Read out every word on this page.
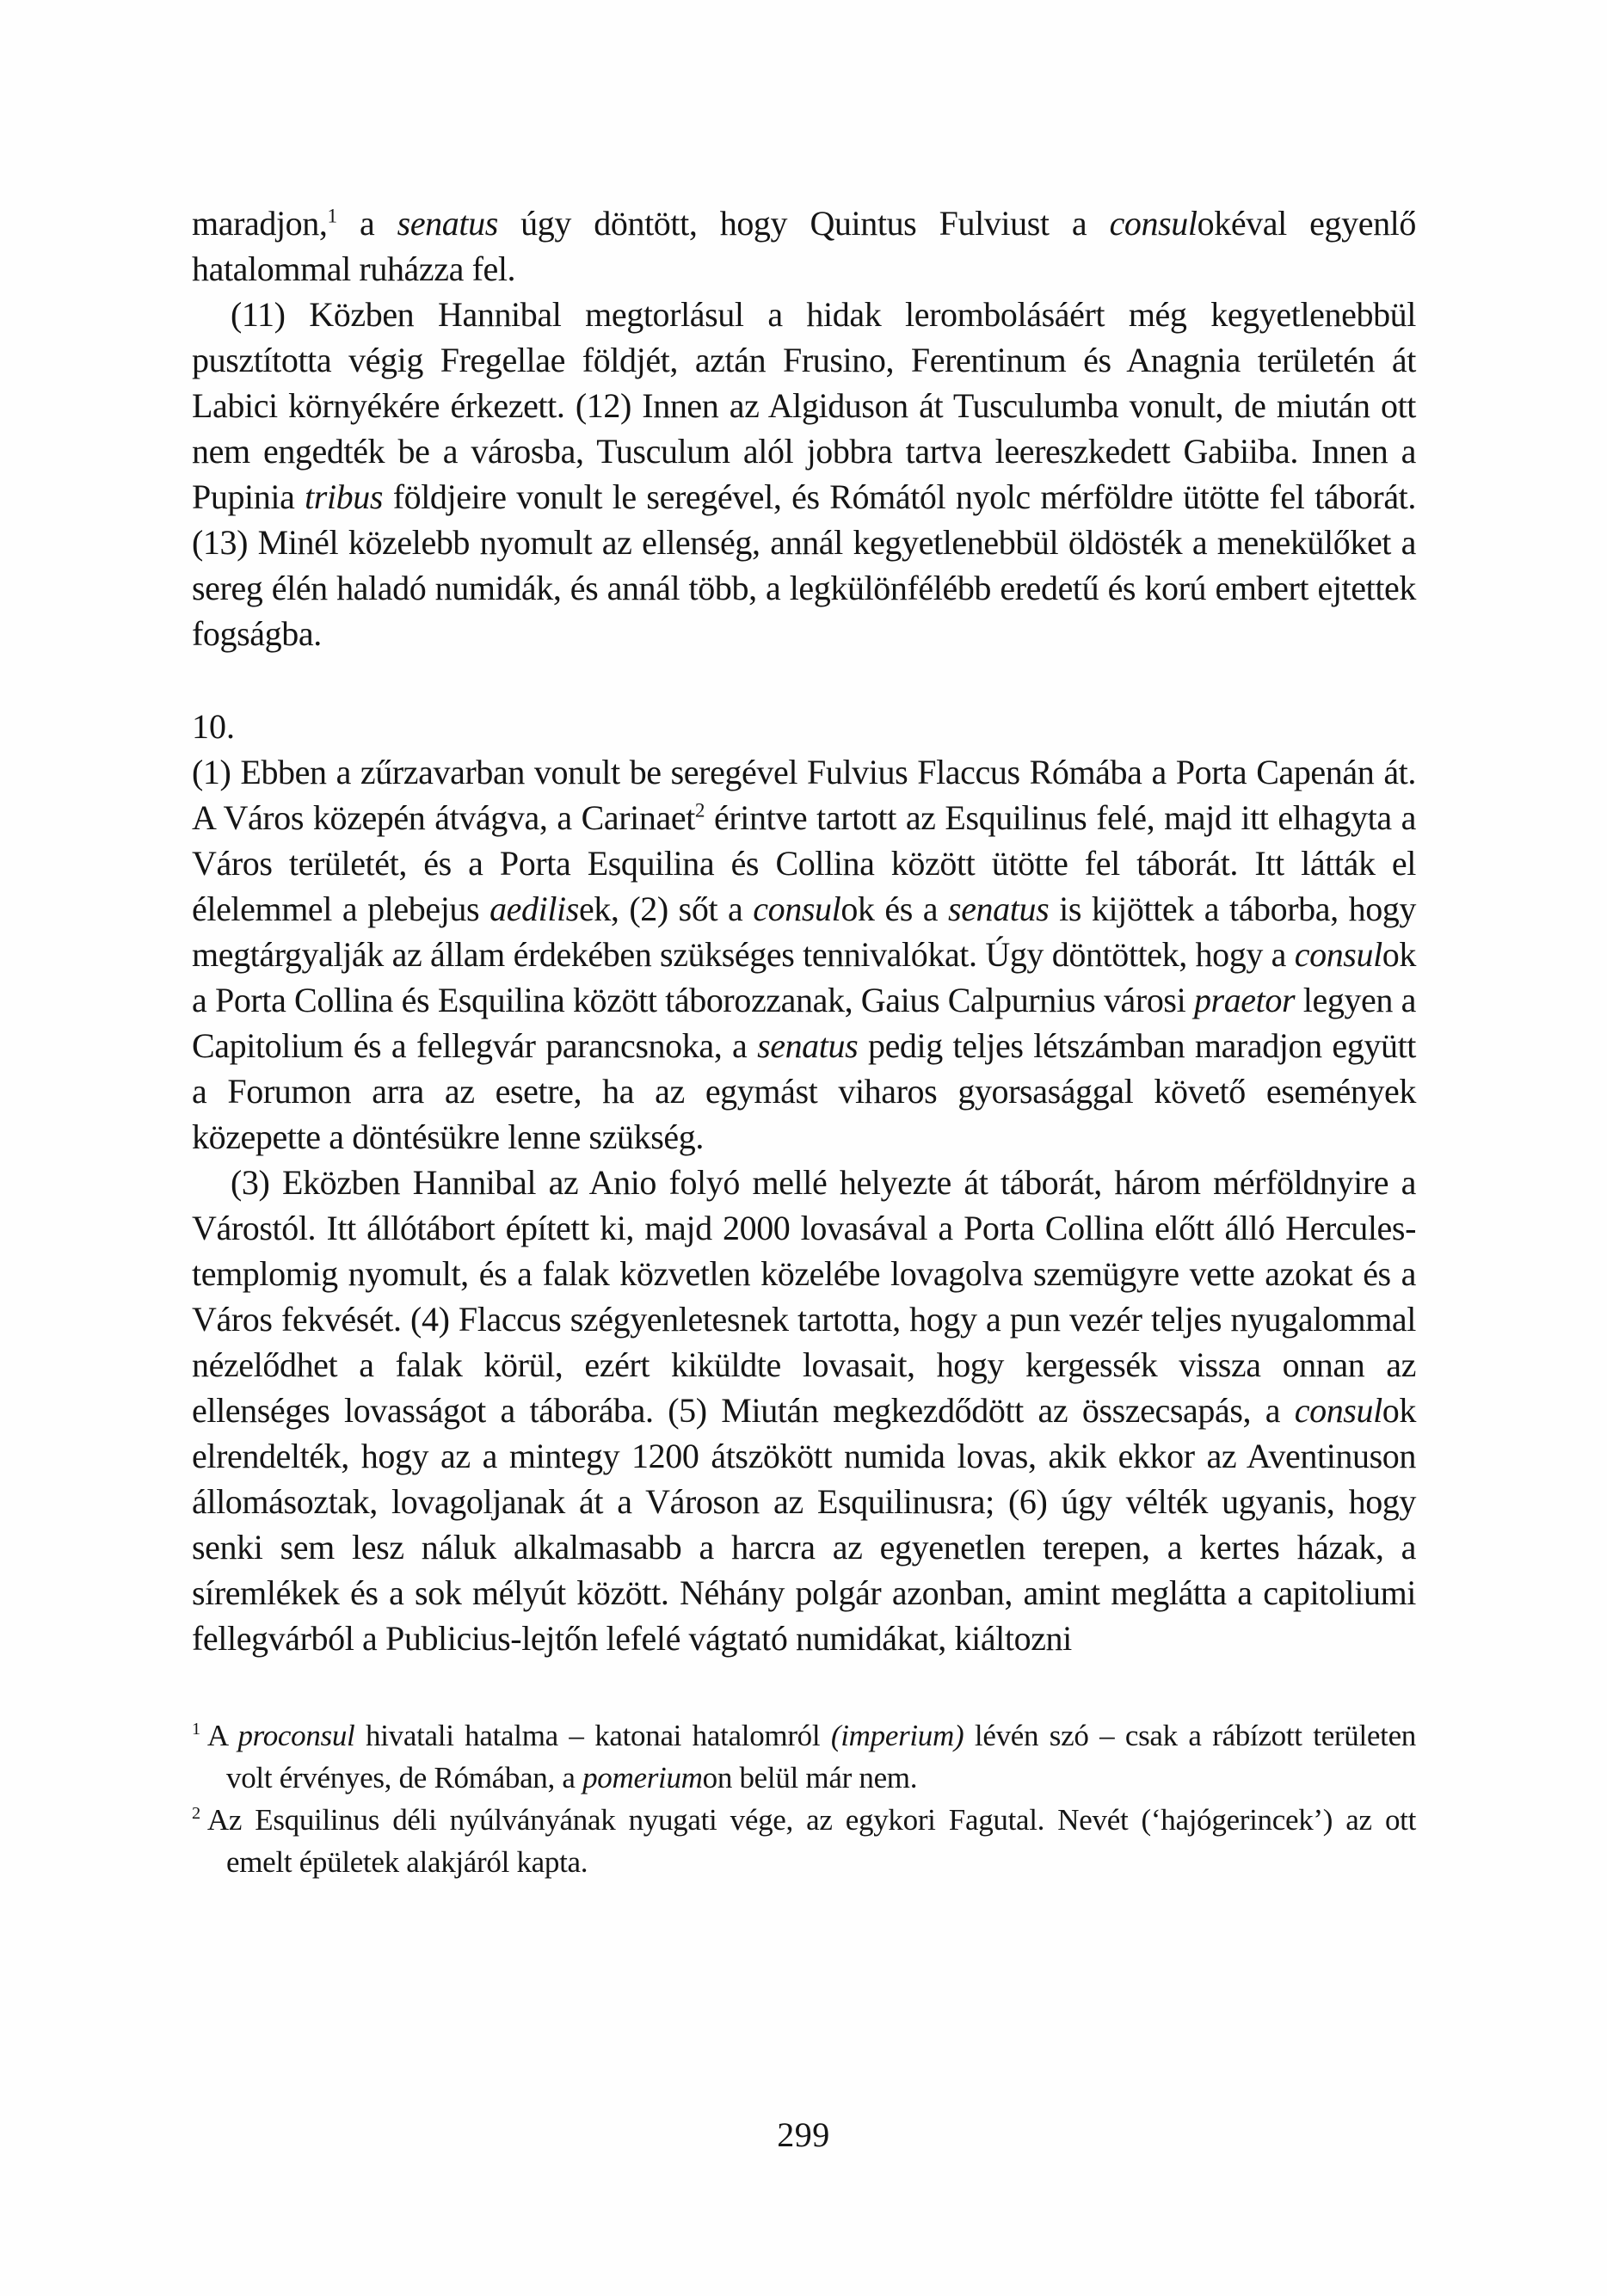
maradjon,$^1$ a senatus úgy döntött, hogy Quintus Fulviust a consulokéval egyenlő hatalommal ruházza fel.

(11) Közben Hannibal megtorlásul a hidak lerombolásáért még kegyetlenebbül pusztította végig Fregellae földjét, aztán Frusino, Ferentinum és Anagnia területén át Labici környékére érkezett. (12) Innen az Algiduson át Tusculumba vonult, de miután ott nem engedték be a városba, Tusculum alól jobbra tartva leereszkedett Gabiiba. Innen a Pupinia tribus földjeire vonult le seregével, és Rómától nyolc mérföldre ütötte fel táborát. (13) Minél közelebb nyomult az ellenség, annál kegyetlenebbül öldösték a menekülőket a sereg élén haladó numidák, és annál több, a legkülönfélébb eredetű és korú embert ejtettek fogságba.

10.

(1) Ebben a zűrzavarban vonult be seregével Fulvius Flaccus Rómába a Porta Capenán át. A Város közepén átvágva, a Carinaet$^2$ érintve tartott az Esquilinus felé, majd itt elhagyta a Város területét, és a Porta Esquilina és Collina között ütötte fel táborát. Itt látták el élelemmel a plebejus aedilisek, (2) sőt a consulok és a senatus is kijöttek a táborba, hogy megtárgyalják az állam érdekében szükséges tennivalókat. Úgy döntöttek, hogy a consulok a Porta Collina és Esquilina között táborozzanak, Gaius Calpurnius városi praetor legyen a Capitolium és a fellegvár parancsnoka, a senatus pedig teljes létszámban maradjon együtt a Forumon arra az esetre, ha az egymást viharos gyorsasággal követő események közepette a döntésükre lenne szükség.

(3) Eközben Hannibal az Anio folyó mellé helyezte át táborát, három mérföldnyire a Várostól. Itt állótábort épített ki, majd 2000 lovasával a Porta Collina előtt álló Hercules-templomig nyomult, és a falak közvetlen közelébe lovagolva szemügyre vette azokat és a Város fekvését. (4) Flaccus szégyenletesnek tartotta, hogy a pun vezér teljes nyugalommal nézelődhet a falak körül, ezért kiküldte lovasait, hogy kergessék vissza onnan az ellenséges lovasságot a táborába. (5) Miután megkezdődött az összecsapás, a consulok elrendelték, hogy az a mintegy 1200 átszökött numida lovas, akik ekkor az Aventinuson állomásoztak, lovagoljanak át a Városon az Esquilinusra; (6) úgy vélték ugyanis, hogy senki sem lesz náluk alkalmasabb a harcra az egyenetlen terepen, a kertes házak, a síremlékek és a sok mélyút között. Néhány polgár azonban, amint meglátta a capitoliumi fellegvárból a Publicius-lejtőn lefelé vágtató numidákat, kiáltozni

$^1$ A proconsul hivatali hatalma – katonai hatalomról (imperium) lévén szó – csak a rábízott területen volt érvényes, de Rómában, a pomeriumon belül már nem.

$^2$ Az Esquilinus déli nyúlványának nyugati vége, az egykori Fagutal. Nevét (‘hajógerincek’) az ott emelt épületek alakjáról kapta.

299
